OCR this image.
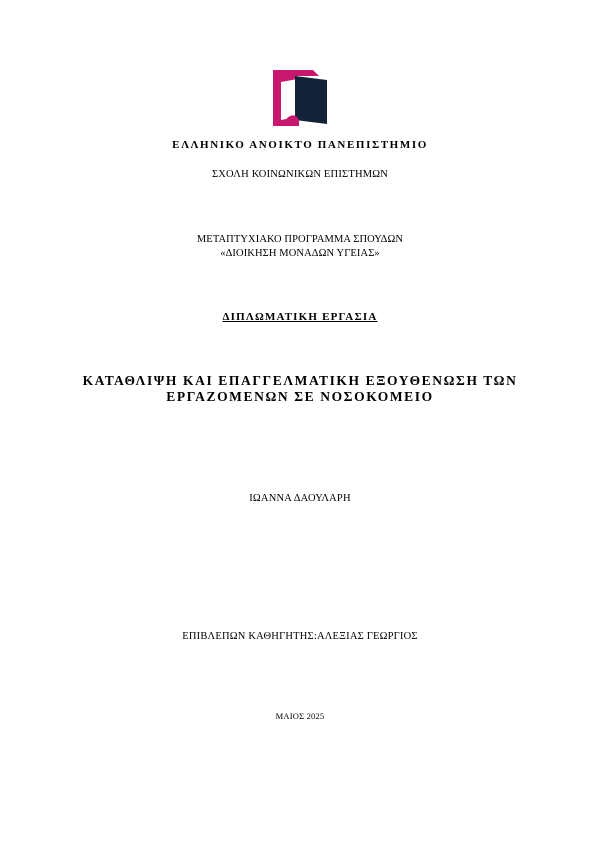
ΕΛΛΗΝΙΚΟ ΑΝΟΙΚΤΟ ΠΑΝΕΠΙΣΤΗΜΙΟ
ΣΧΟΛΗ ΚΟΙΝΩΝΙΚΩΝ ΕΠΙΣΤΗΜΩΝ
ΜΕΤΑΠΤΥΧΙΑΚΟ ΠΡΟΓΡΑΜΜΑ ΣΠΟΥΔΩΝ
«ΔΙΟΙΚΗΣΗ ΜΟΝΑΔΩΝ ΥΓΕΙΑΣ»
ΔΙΠΛΩΜΑΤΙΚΗ ΕΡΓΑΣΙΑ
ΚΑΤΑΘΛΙΨΗ ΚΑΙ ΕΠΑΓΓΕΛΜΑΤΙΚΗ ΕΞΟΥΘΕΝΩΣΗ ΤΩΝ
ΕΡΓΑΖΟΜΕΝΩΝ ΣΕ ΝΟΣΟΚΟΜΕΙΟ
ΙΩΑΝΝΑ ΔΑΟΥΛΑΡΗ
ΕΠΙΒΛΕΠΩΝ ΚΑΘΗΓΗΤΗΣ:ΑΛΕΞΙΑΣ ΓΕΩΡΓΙΟΣ
ΜΑΙΟΣ 2025
